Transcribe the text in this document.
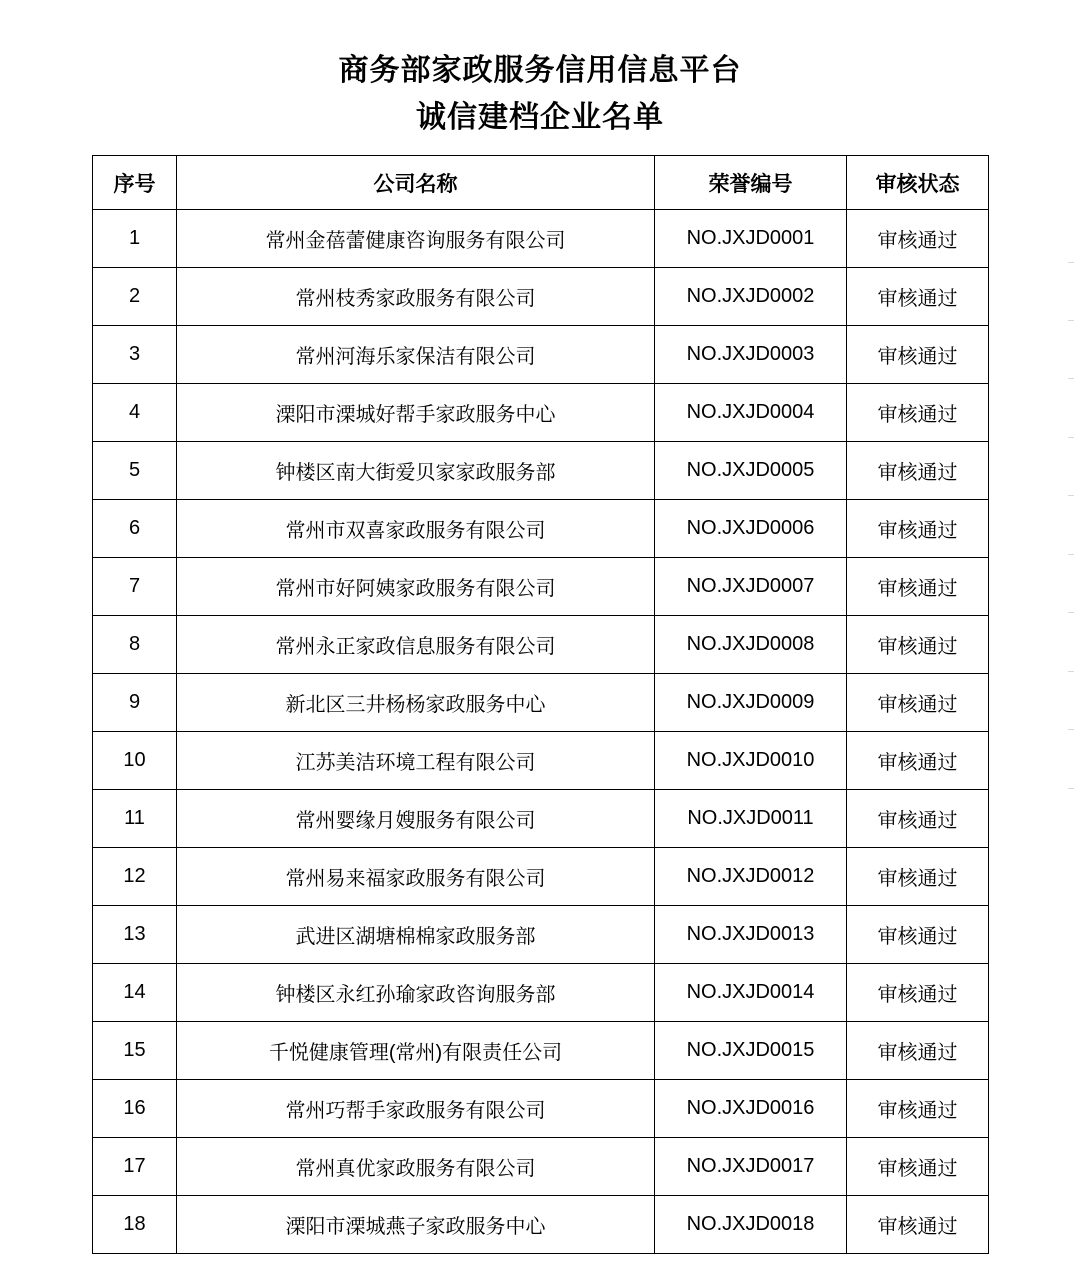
商务部家政服务信用信息平台
诚信建档企业名单
序号	公司名称	荣誉编号	审核状态
1	常州金蓓蕾健康咨询服务有限公司	NO.JXJD0001	审核通过
2	常州枝秀家政服务有限公司	NO.JXJD0002	审核通过
3	常州河海乐家保洁有限公司	NO.JXJD0003	审核通过
4	溧阳市溧城好帮手家政服务中心	NO.JXJD0004	审核通过
5	钟楼区南大街爱贝家家政服务部	NO.JXJD0005	审核通过
6	常州市双喜家政服务有限公司	NO.JXJD0006	审核通过
7	常州市好阿姨家政服务有限公司	NO.JXJD0007	审核通过
8	常州永正家政信息服务有限公司	NO.JXJD0008	审核通过
9	新北区三井杨杨家政服务中心	NO.JXJD0009	审核通过
10	江苏美洁环境工程有限公司	NO.JXJD0010	审核通过
11	常州婴缘月嫂服务有限公司	NO.JXJD0011	审核通过
12	常州易来福家政服务有限公司	NO.JXJD0012	审核通过
13	武进区湖塘棉棉家政服务部	NO.JXJD0013	审核通过
14	钟楼区永红孙瑜家政咨询服务部	NO.JXJD0014	审核通过
15	千悦健康管理(常州)有限责任公司	NO.JXJD0015	审核通过
16	常州巧帮手家政服务有限公司	NO.JXJD0016	审核通过
17	常州真优家政服务有限公司	NO.JXJD0017	审核通过
18	溧阳市溧城燕子家政服务中心	NO.JXJD0018	审核通过
